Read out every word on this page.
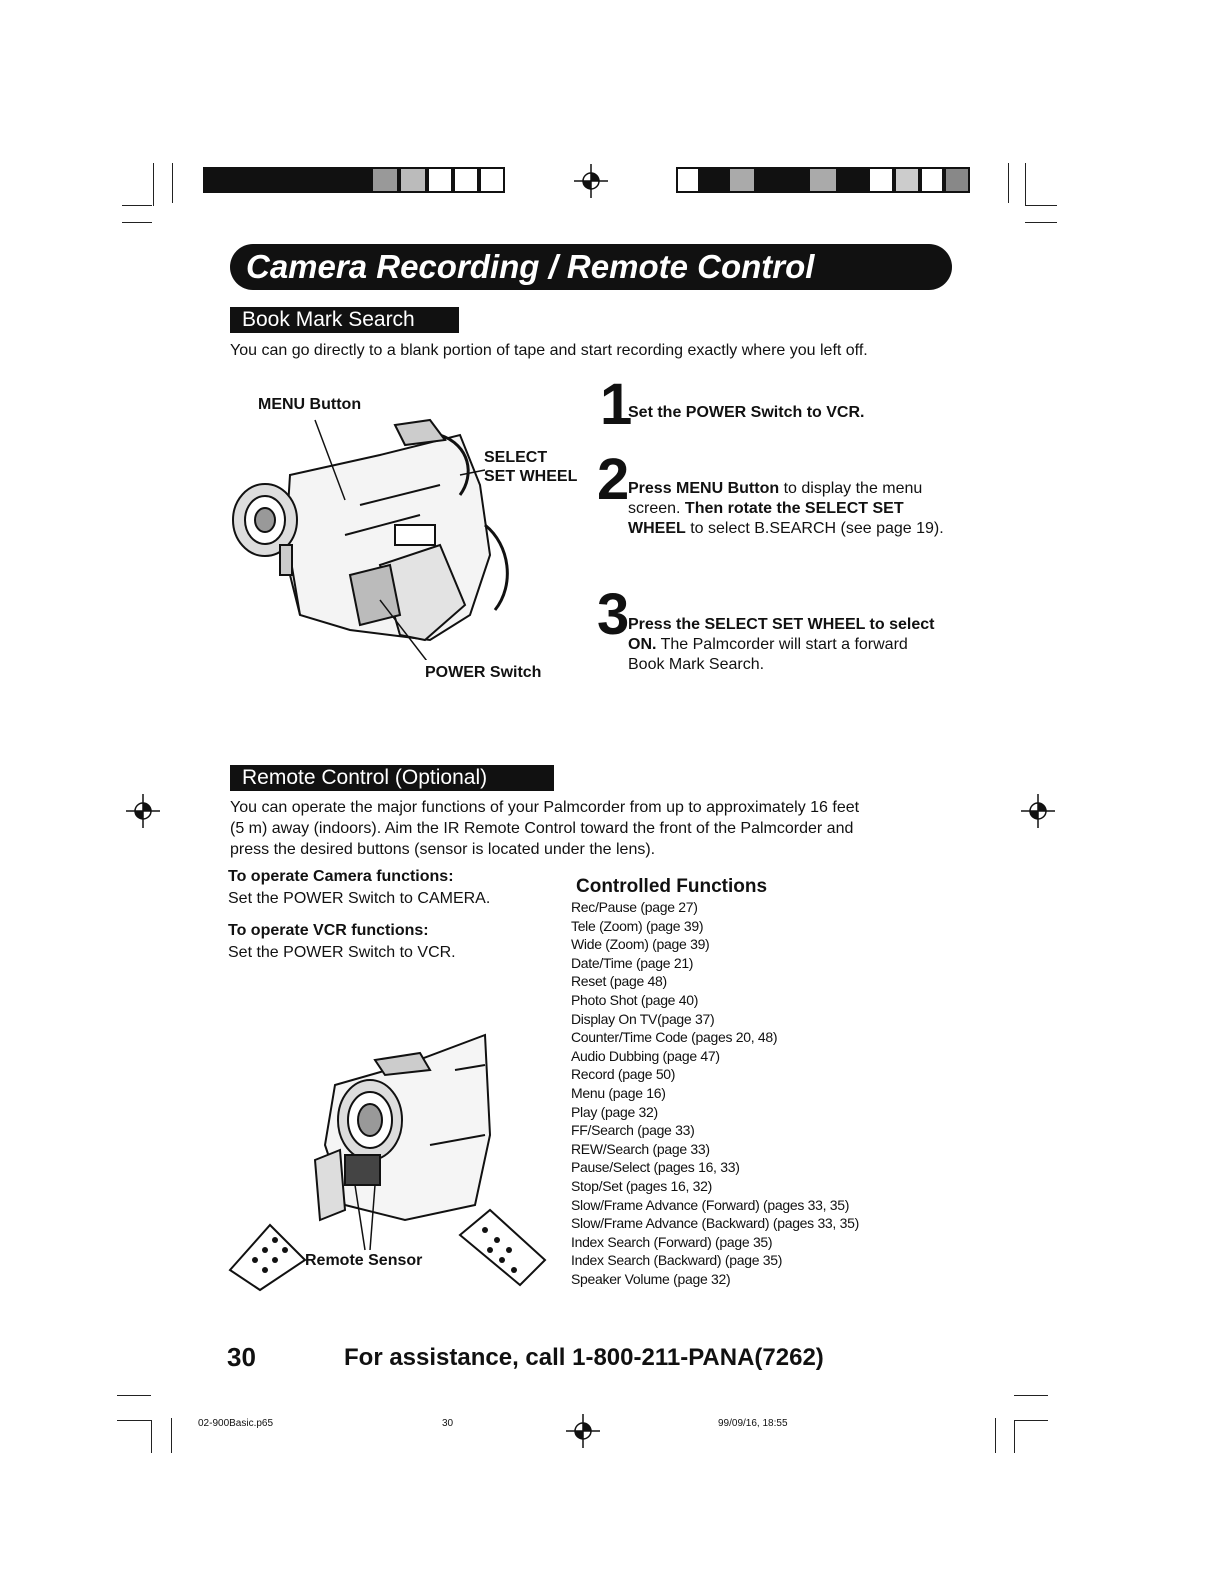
Camera Recording / Remote Control
Book Mark Search
You can go directly to a blank portion of tape and start recording exactly where you left off.
MENU Button
SELECT
SET WHEEL
POWER Switch
1
Set the POWER Switch to VCR.
2
Press MENU Button to display the menu screen. Then rotate the SELECT SET WHEEL to select B.SEARCH (see page 19).
3
Press the SELECT SET WHEEL to select ON. The Palmcorder will start a forward Book Mark Search.
Remote Control (Optional)
You can operate the major functions of your Palmcorder from up to approximately 16 feet
(5 m) away (indoors). Aim the IR Remote Control toward the front of the Palmcorder and
press the desired buttons (sensor is located under the lens).
To operate Camera functions:
Set the POWER Switch to CAMERA.
To operate VCR functions:
Set the POWER Switch to VCR.
Controlled Functions
Rec/Pause (page 27)
Tele (Zoom) (page 39)
Wide (Zoom) (page 39)
Date/Time (page 21)
Reset (page 48)
Photo Shot (page 40)
Display On TV(page 37)
Counter/Time Code (pages 20, 48)
Audio Dubbing (page 47)
Record (page 50)
Menu (page 16)
Play (page 32)
FF/Search (page 33)
REW/Search (page 33)
Pause/Select (pages 16, 33)
Stop/Set (pages 16, 32)
Slow/Frame Advance (Forward) (pages 33, 35)
Slow/Frame Advance (Backward) (pages 33, 35)
Index Search (Forward) (page 35)
Index Search (Backward) (page 35)
Speaker Volume (page 32)
Remote Sensor
30	For assistance, call 1-800-211-PANA(7262)
02-900Basic.p65	30	99/09/16, 18:55
